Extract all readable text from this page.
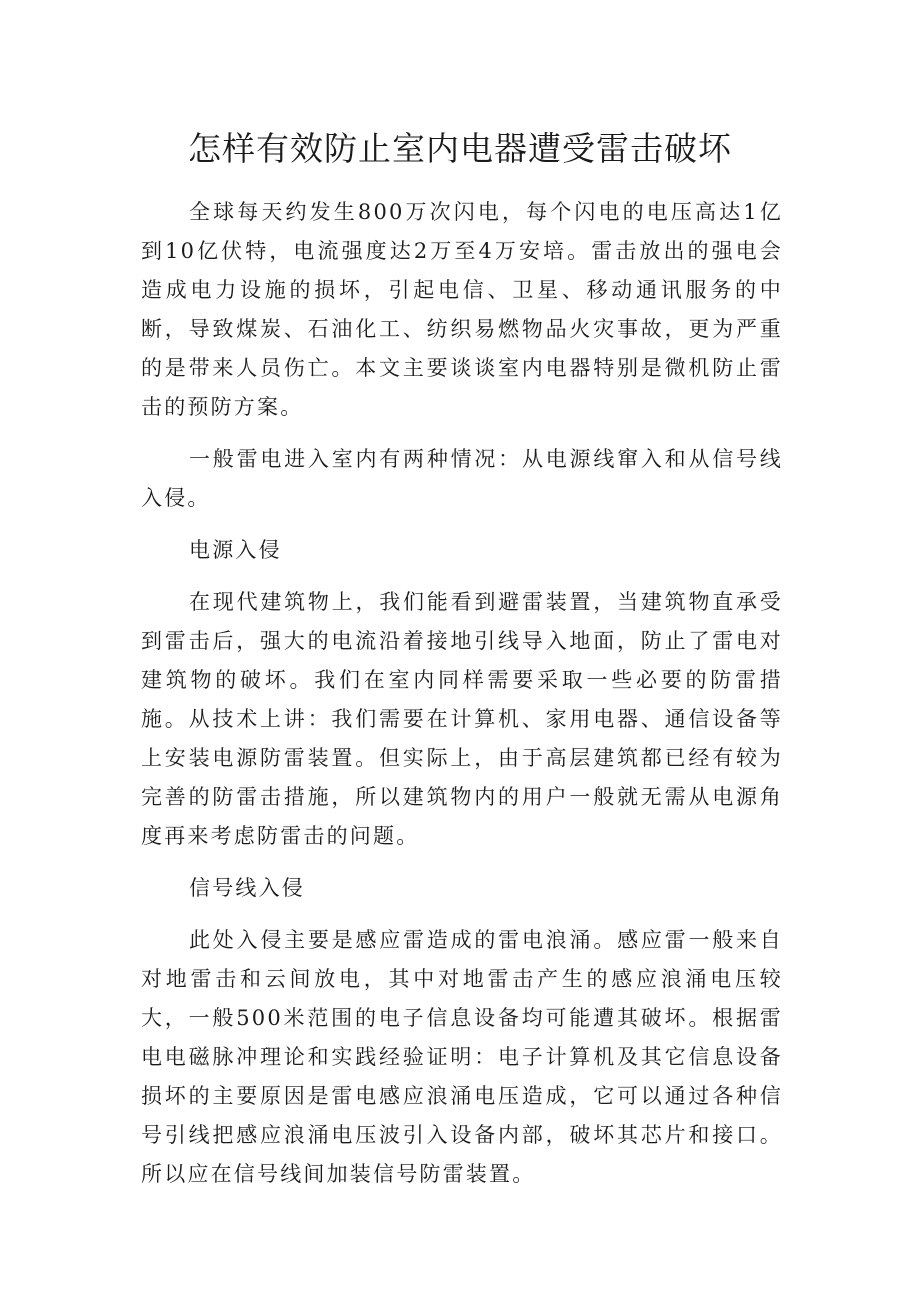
怎样有效防止室内电器遭受雷击破坏

全球每天约发生800万次闪电，每个闪电的电压高达1亿到10亿伏特，电流强度达2万至4万安培。雷击放出的强电会造成电力设施的损坏，引起电信、卫星、移动通讯服务的中断，导致煤炭、石油化工、纺织易燃物品火灾事故，更为严重的是带来人员伤亡。本文主要谈谈室内电器特别是微机防止雷击的预防方案。

一般雷电进入室内有两种情况：从电源线窜入和从信号线入侵。

电源入侵

在现代建筑物上，我们能看到避雷装置，当建筑物直承受到雷击后，强大的电流沿着接地引线导入地面，防止了雷电对建筑物的破坏。我们在室内同样需要采取一些必要的防雷措施。从技术上讲：我们需要在计算机、家用电器、通信设备等上安装电源防雷装置。但实际上，由于高层建筑都已经有较为完善的防雷击措施，所以建筑物内的用户一般就无需从电源角度再来考虑防雷击的问题。

信号线入侵

此处入侵主要是感应雷造成的雷电浪涌。感应雷一般来自对地雷击和云间放电，其中对地雷击产生的感应浪涌电压较大，一般500米范围的电子信息设备均可能遭其破坏。根据雷电电磁脉冲理论和实践经验证明：电子计算机及其它信息设备损坏的主要原因是雷电感应浪涌电压造成，它可以通过各种信号引线把感应浪涌电压波引入设备内部，破坏其芯片和接口。所以应在信号线间加装信号防雷装置。
